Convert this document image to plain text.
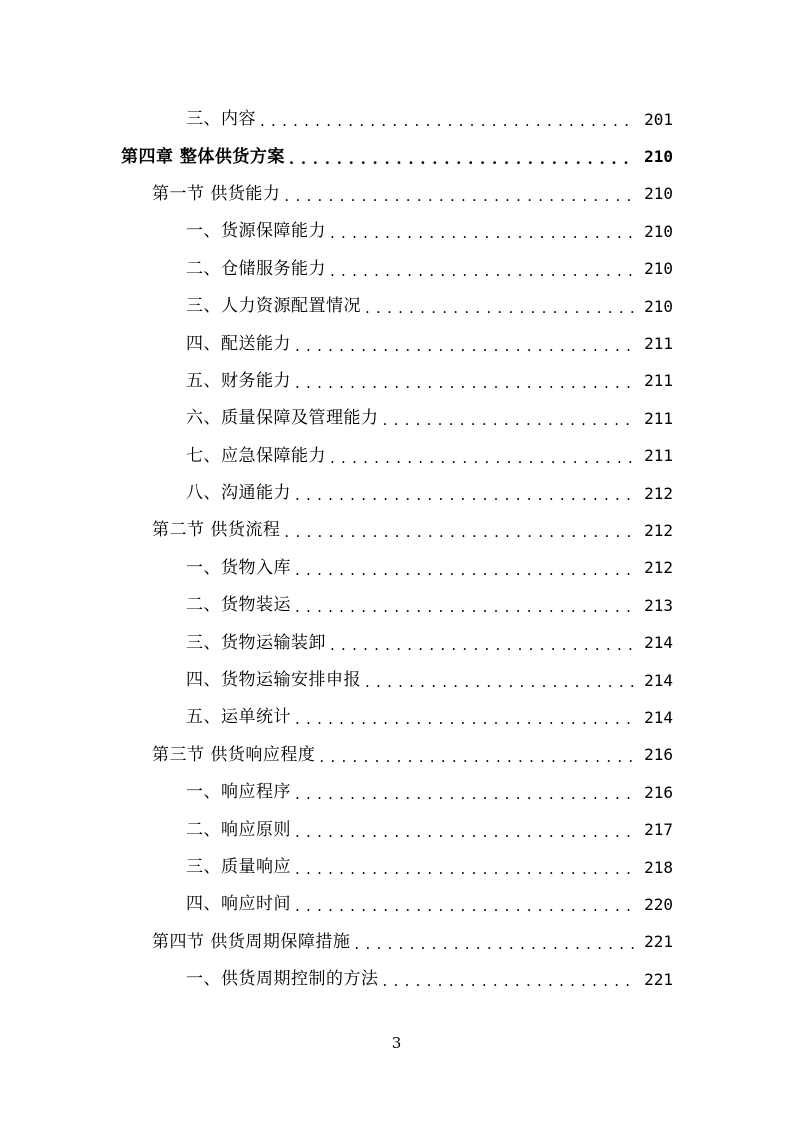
三、内容 . . .	201
第四章 整体供货方案 . . .	210
第一节 供货能力 . . .	210
一、货源保障能力 . . .	210
二、仓储服务能力 . . .	210
三、人力资源配置情况 . . .	210
四、配送能力 . . .	211
五、财务能力 . . .	211
六、质量保障及管理能力 . . .	211
七、应急保障能力 . . .	211
八、沟通能力 . . .	212
第二节 供货流程 . . .	212
一、货物入库 . . .	212
二、货物装运 . . .	213
三、货物运输装卸 . . .	214
四、货物运输安排申报 . . .	214
五、运单统计 . . .	214
第三节 供货响应程度 . . .	216
一、响应程序 . . .	216
二、响应原则 . . .	217
三、质量响应 . . .	218
四、响应时间 . . .	220
第四节 供货周期保障措施 . . .	221
一、供货周期控制的方法 . . .	221
3
